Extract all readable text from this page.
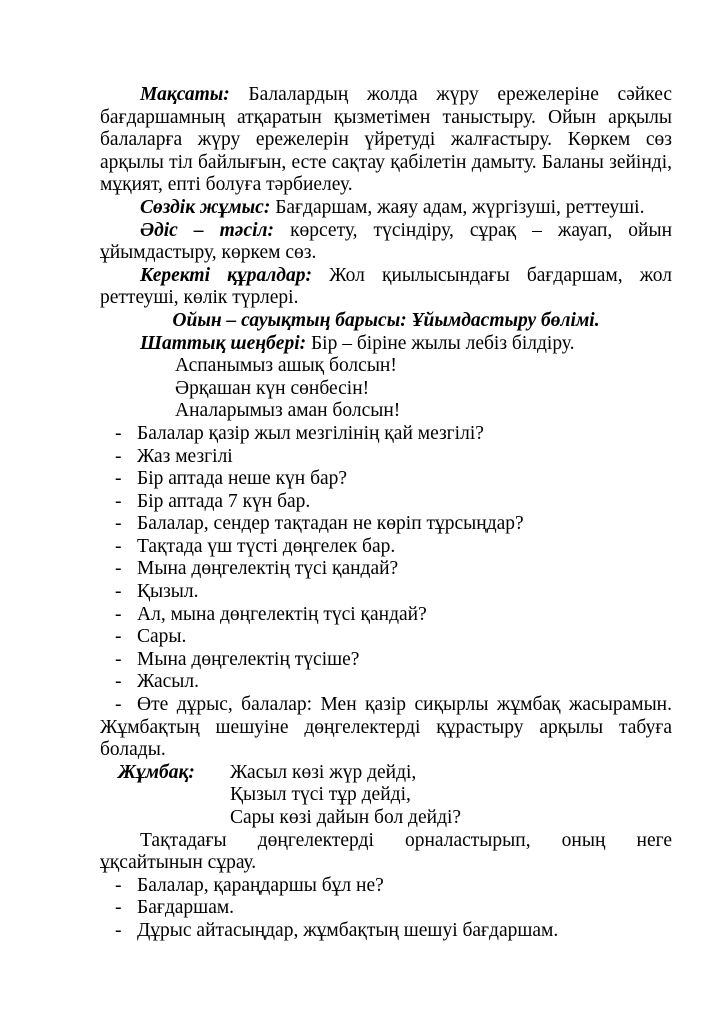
Мақсаты: Балалардың жолда жүру ережелеріне сәйкес бағдаршамның атқаратын қызметімен таныстыру. Ойын арқылы балаларға жүру ережелерін үйретуді жалғастыру. Көркем сөз арқылы тіл байлығын, есте сақтау қабілетін дамыту. Баланы зейінді, мұқият, епті болуға тәрбиелеу.

Сөздік жұмыс: Бағдаршам, жаяу адам, жүргізуші, реттеуші.

Әдіс – тәсіл: көрсету, түсіндіру, сұрақ – жауап, ойын ұйымдастыру, көркем сөз.

Керекті құралдар: Жол қиылысындағы бағдаршам, жол реттеуші, көлік түрлері.

Ойын – сауықтың барысы: Ұйымдастыру бөлімі.

Шаттық шеңбері: Бір – біріне жылы лебіз білдіру.

Аспанымыз ашық болсын!
Әрқашан күн сөнбесін!
Аналарымыз аман болсын!
- Балалар қазір жыл мезгілінің қай мезгілі?
- Жаз мезгілі
- Бір аптада неше күн бар?
- Бір аптада 7 күн бар.
- Балалар, сендер тақтадан не көріп тұрсыңдар?
- Тақтада үш түсті дөңгелек бар.
- Мына дөңгелектің түсі қандай?
- Қызыл.
- Ал, мына дөңгелектің түсі қандай?
- Сары.
- Мына дөңгелектің түсіше?
- Жасыл.
- Өте дұрыс, балалар: Мен қазір сиқырлы жұмбақ жасырамын. Жұмбақтың шешуіне дөңгелектерді құрастыру арқылы табуға болады.
Жұмбақ: Жасыл көзі жүр дейді,
Қызыл түсі тұр дейді,
Сары көзі дайын бол дейді?

Тақтадағы дөңгелектерді орналастырып, оның неге ұқсайтынын сұрау.

- Балалар, қараңдаршы бұл не?
- Бағдаршам.
- Дұрыс айтасыңдар, жұмбақтың шешуі бағдаршам.
